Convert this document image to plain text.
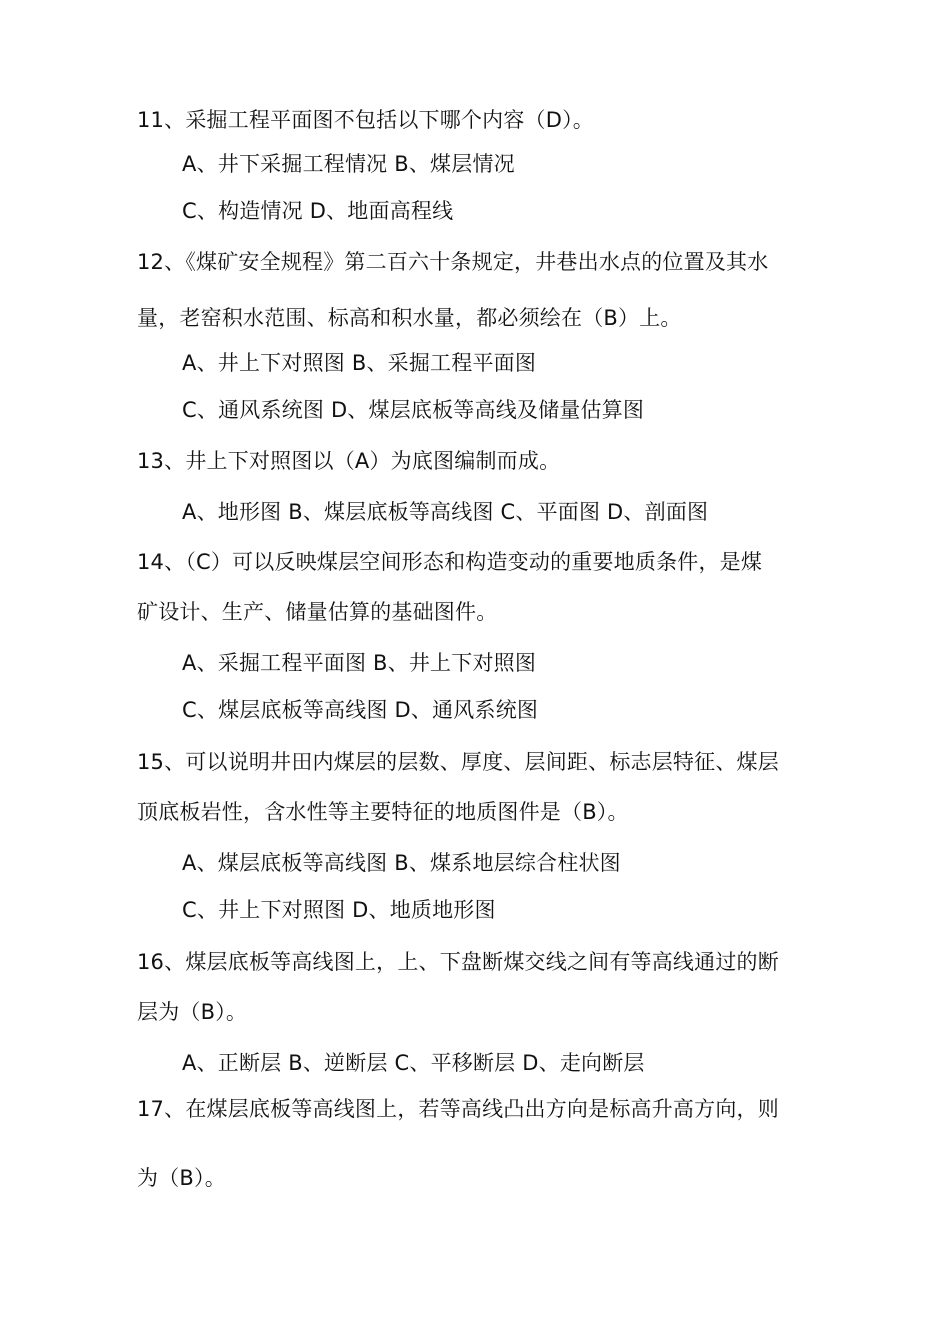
11、采掘工程平面图不包括以下哪个内容（D）。
A、井下采掘工程情况 B、煤层情况
C、构造情况 D、地面高程线
12、《煤矿安全规程》第二百六十条规定，井巷出水点的位置及其水
量，老窑积水范围、标高和积水量，都必须绘在（B）上。
A、井上下对照图 B、采掘工程平面图
C、通风系统图 D、煤层底板等高线及储量估算图
13、井上下对照图以（A）为底图编制而成。
A、地形图 B、煤层底板等高线图 C、平面图 D、剖面图
14、（C）可以反映煤层空间形态和构造变动的重要地质条件，是煤
矿设计、生产、储量估算的基础图件。
A、采掘工程平面图 B、井上下对照图
C、煤层底板等高线图 D、通风系统图
15、可以说明井田内煤层的层数、厚度、层间距、标志层特征、煤层
顶底板岩性，含水性等主要特征的地质图件是（B）。
A、煤层底板等高线图 B、煤系地层综合柱状图
C、井上下对照图 D、地质地形图
16、煤层底板等高线图上，上、下盘断煤交线之间有等高线通过的断
层为（B）。
A、正断层 B、逆断层 C、平移断层 D、走向断层
17、在煤层底板等高线图上，若等高线凸出方向是标高升高方向，则
为（B）。
